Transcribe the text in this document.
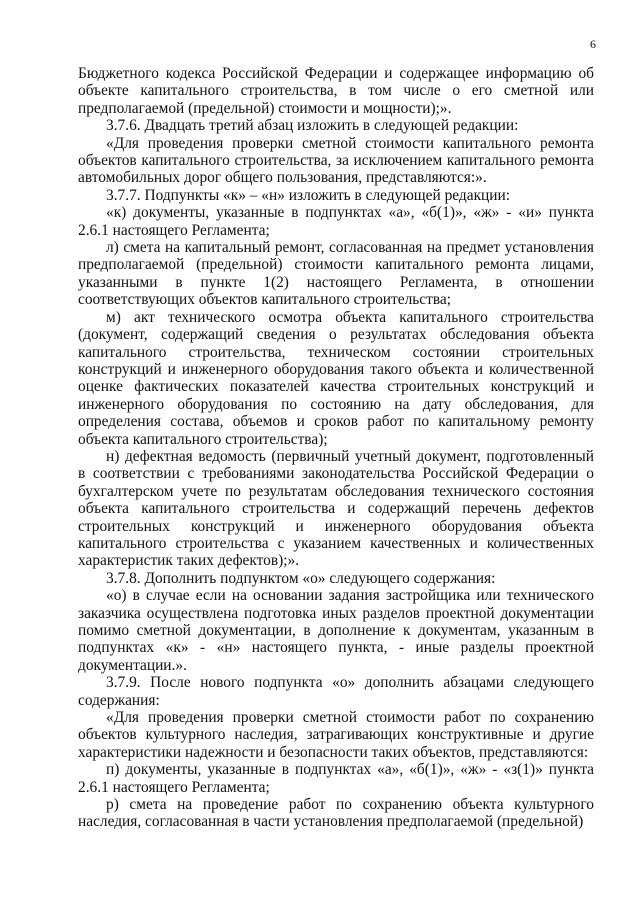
6

Бюджетного кодекса Российской Федерации и содержащее информацию об объекте капитального строительства, в том числе о его сметной или предполагаемой (предельной) стоимости и мощности);».

3.7.6. Двадцать третий абзац изложить в следующей редакции:

«Для проведения проверки сметной стоимости капитального ремонта объектов капитального строительства, за исключением капитального ремонта автомобильных дорог общего пользования, представляются:».

3.7.7. Подпункты «к» – «н» изложить в следующей редакции:

«к) документы, указанные в подпунктах «а», «б(1)», «ж» - «и» пункта 2.6.1 настоящего Регламента;

л) смета на капитальный ремонт, согласованная на предмет установления предполагаемой (предельной) стоимости капитального ремонта лицами, указанными в пункте 1(2) настоящего Регламента, в отношении соответствующих объектов капитального строительства;

м) акт технического осмотра объекта капитального строительства (документ, содержащий сведения о результатах обследования объекта капитального строительства, техническом состоянии строительных конструкций и инженерного оборудования такого объекта и количественной оценке фактических показателей качества строительных конструкций и инженерного оборудования по состоянию на дату обследования, для определения состава, объемов и сроков работ по капитальному ремонту объекта капитального строительства);

н) дефектная ведомость (первичный учетный документ, подготовленный в соответствии с требованиями законодательства Российской Федерации о бухгалтерском учете по результатам обследования технического состояния объекта капитального строительства и содержащий перечень дефектов строительных конструкций и инженерного оборудования объекта капитального строительства с указанием качественных и количественных характеристик таких дефектов);».

3.7.8. Дополнить подпунктом «о» следующего содержания:

«о) в случае если на основании задания застройщика или технического заказчика осуществлена подготовка иных разделов проектной документации помимо сметной документации, в дополнение к документам, указанным в подпунктах «к» - «н» настоящего пункта, - иные разделы проектной документации.».

3.7.9. После нового подпункта «о» дополнить абзацами следующего содержания:

«Для проведения проверки сметной стоимости работ по сохранению объектов культурного наследия, затрагивающих конструктивные и другие характеристики надежности и безопасности таких объектов, представляются:

п) документы, указанные в подпунктах «а», «б(1)», «ж» - «з(1)» пункта 2.6.1 настоящего Регламента;

р) смета на проведение работ по сохранению объекта культурного наследия, согласованная в части установления предполагаемой (предельной)
